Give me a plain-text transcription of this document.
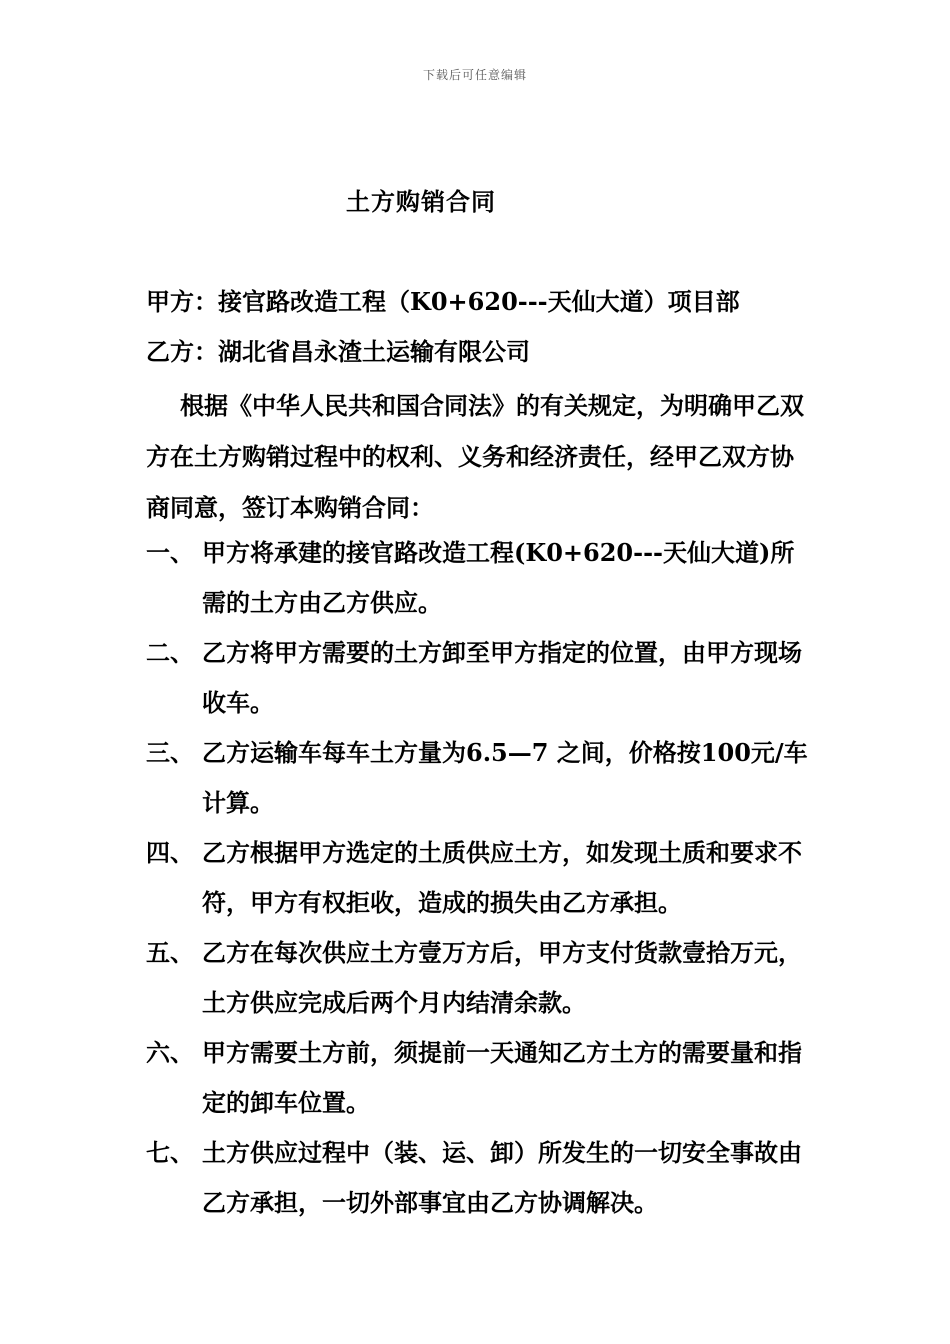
下载后可任意编辑
土方购销合同
甲方：接官路改造工程（K0+620---天仙大道）项目部
乙方：湖北省昌永渣土运输有限公司
根据《中华人民共和国合同法》的有关规定，为明确甲乙双方在土方购销过程中的权利、义务和经济责任，经甲乙双方协商同意，签订本购销合同：
一、 甲方将承建的接官路改造工程(K0+620---天仙大道)所需的土方由乙方供应。
二、 乙方将甲方需要的土方卸至甲方指定的位置，由甲方现场收车。
三、 乙方运输车每车土方量为6.5—7 之间，价格按100元/车计算。
四、 乙方根据甲方选定的土质供应土方，如发现土质和要求不符，甲方有权拒收，造成的损失由乙方承担。
五、 乙方在每次供应土方壹万方后，甲方支付货款壹拾万元，土方供应完成后两个月内结清余款。
六、 甲方需要土方前，须提前一天通知乙方土方的需要量和指定的卸车位置。
七、 土方供应过程中（装、运、卸）所发生的一切安全事故由乙方承担，一切外部事宜由乙方协调解决。
